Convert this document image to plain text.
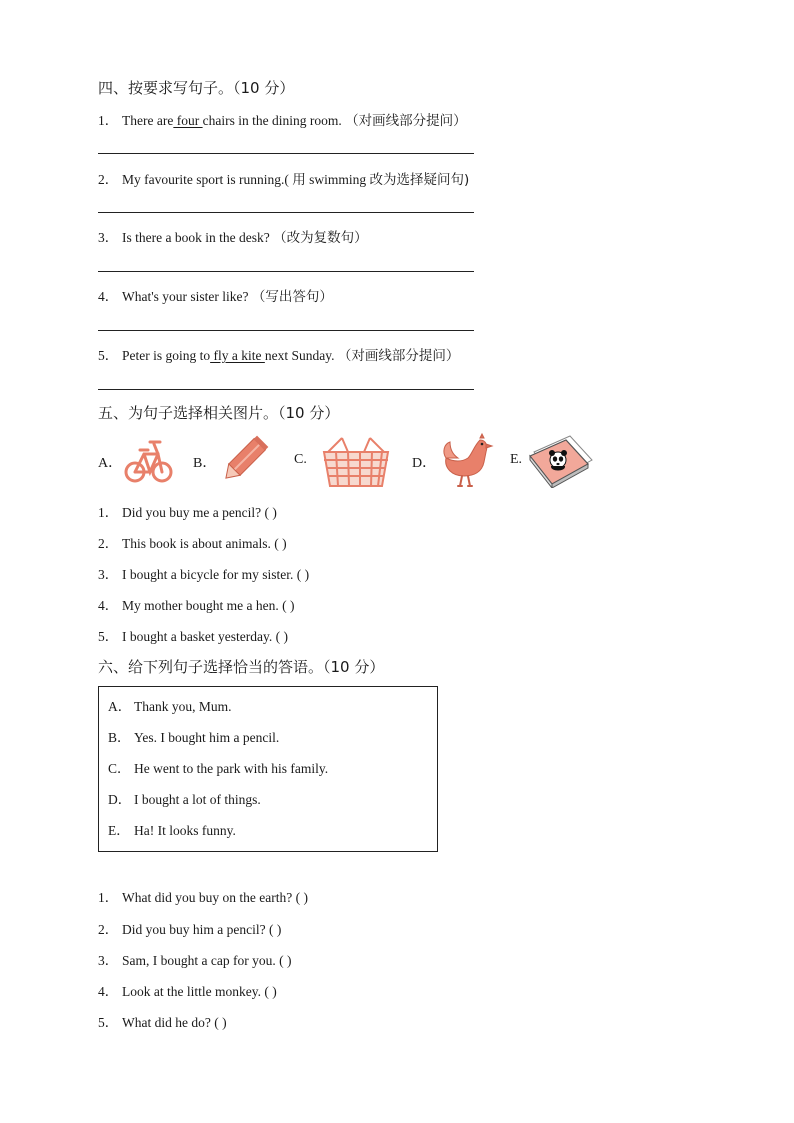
四、按要求写句子。（10 分）
1． There are four chairs in the dining room. （对画线部分提问）
2． My favourite sport is running.( 用 swimming 改为选择疑问句)
3． Is there a book in the desk? （改为复数句）
4． What's your sister like? （写出答句）
5． Peter is going to fly a kite next Sunday. （对画线部分提问）
五、为句子选择相关图片。（10 分）
A．	B．	C.	D．	E.
1． Did you buy me a pencil? ( )
2． This book is about animals. ( )
3． I bought a bicycle for my sister. ( )
4． My mother bought me a hen. ( )
5． I bought a basket yesterday. ( )
六、给下列句子选择恰当的答语。（10 分）
A． Thank you, Mum.
B． Yes. I bought him a pencil.
C． He went to the park with his family.
D． I bought a lot of things.
E． Ha! It looks funny.
1． What did you buy on the earth? ( )
2． Did you buy him a pencil? ( )
3． Sam, I bought a cap for you. ( )
4． Look at the little monkey. ( )
5． What did he do? ( )
